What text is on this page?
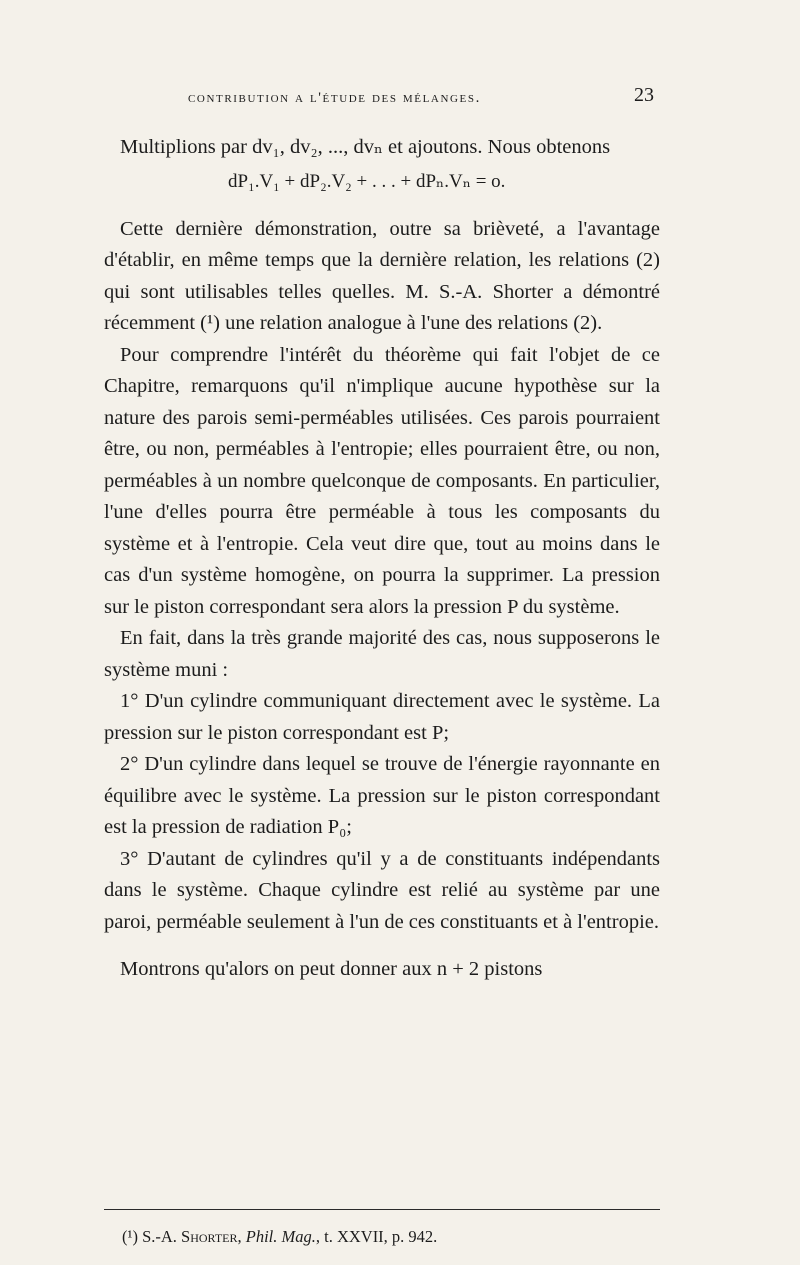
contribution a l'étude des mélanges.	23

Multiplions par dv₁, dv₂, ..., dvₙ et ajoutons. Nous obtenons

dP₁.V₁ + dP₂.V₂ + . . . + dPₙ.Vₙ = o.

Cette dernière démonstration, outre sa brièveté, a l'avantage d'établir, en même temps que la dernière relation, les relations (2) qui sont utilisables telles quelles. M. S.-A. Shorter a démontré récemment (¹) une relation analogue à l'une des relations (2).

Pour comprendre l'intérêt du théorème qui fait l'objet de ce Chapitre, remarquons qu'il n'implique aucune hypothèse sur la nature des parois semi-perméables utilisées. Ces parois pourraient être, ou non, perméables à l'entropie; elles pourraient être, ou non, perméables à un nombre quelconque de composants. En particulier, l'une d'elles pourra être perméable à tous les composants du système et à l'entropie. Cela veut dire que, tout au moins dans le cas d'un système homogène, on pourra la supprimer. La pression sur le piston correspondant sera alors la pression P du système.

En fait, dans la très grande majorité des cas, nous supposerons le système muni :

1° D'un cylindre communiquant directement avec le système. La pression sur le piston correspondant est P;

2° D'un cylindre dans lequel se trouve de l'énergie rayonnante en équilibre avec le système. La pression sur le piston correspondant est la pression de radiation P₀;

3° D'autant de cylindres qu'il y a de constituants indépendants dans le système. Chaque cylindre est relié au système par une paroi, perméable seulement à l'un de ces constituants et à l'entropie.

Montrons qu'alors on peut donner aux n + 2 pistons

(¹) S.-A. Shorter, Phil. Mag., t. XXVII, p. 942.
